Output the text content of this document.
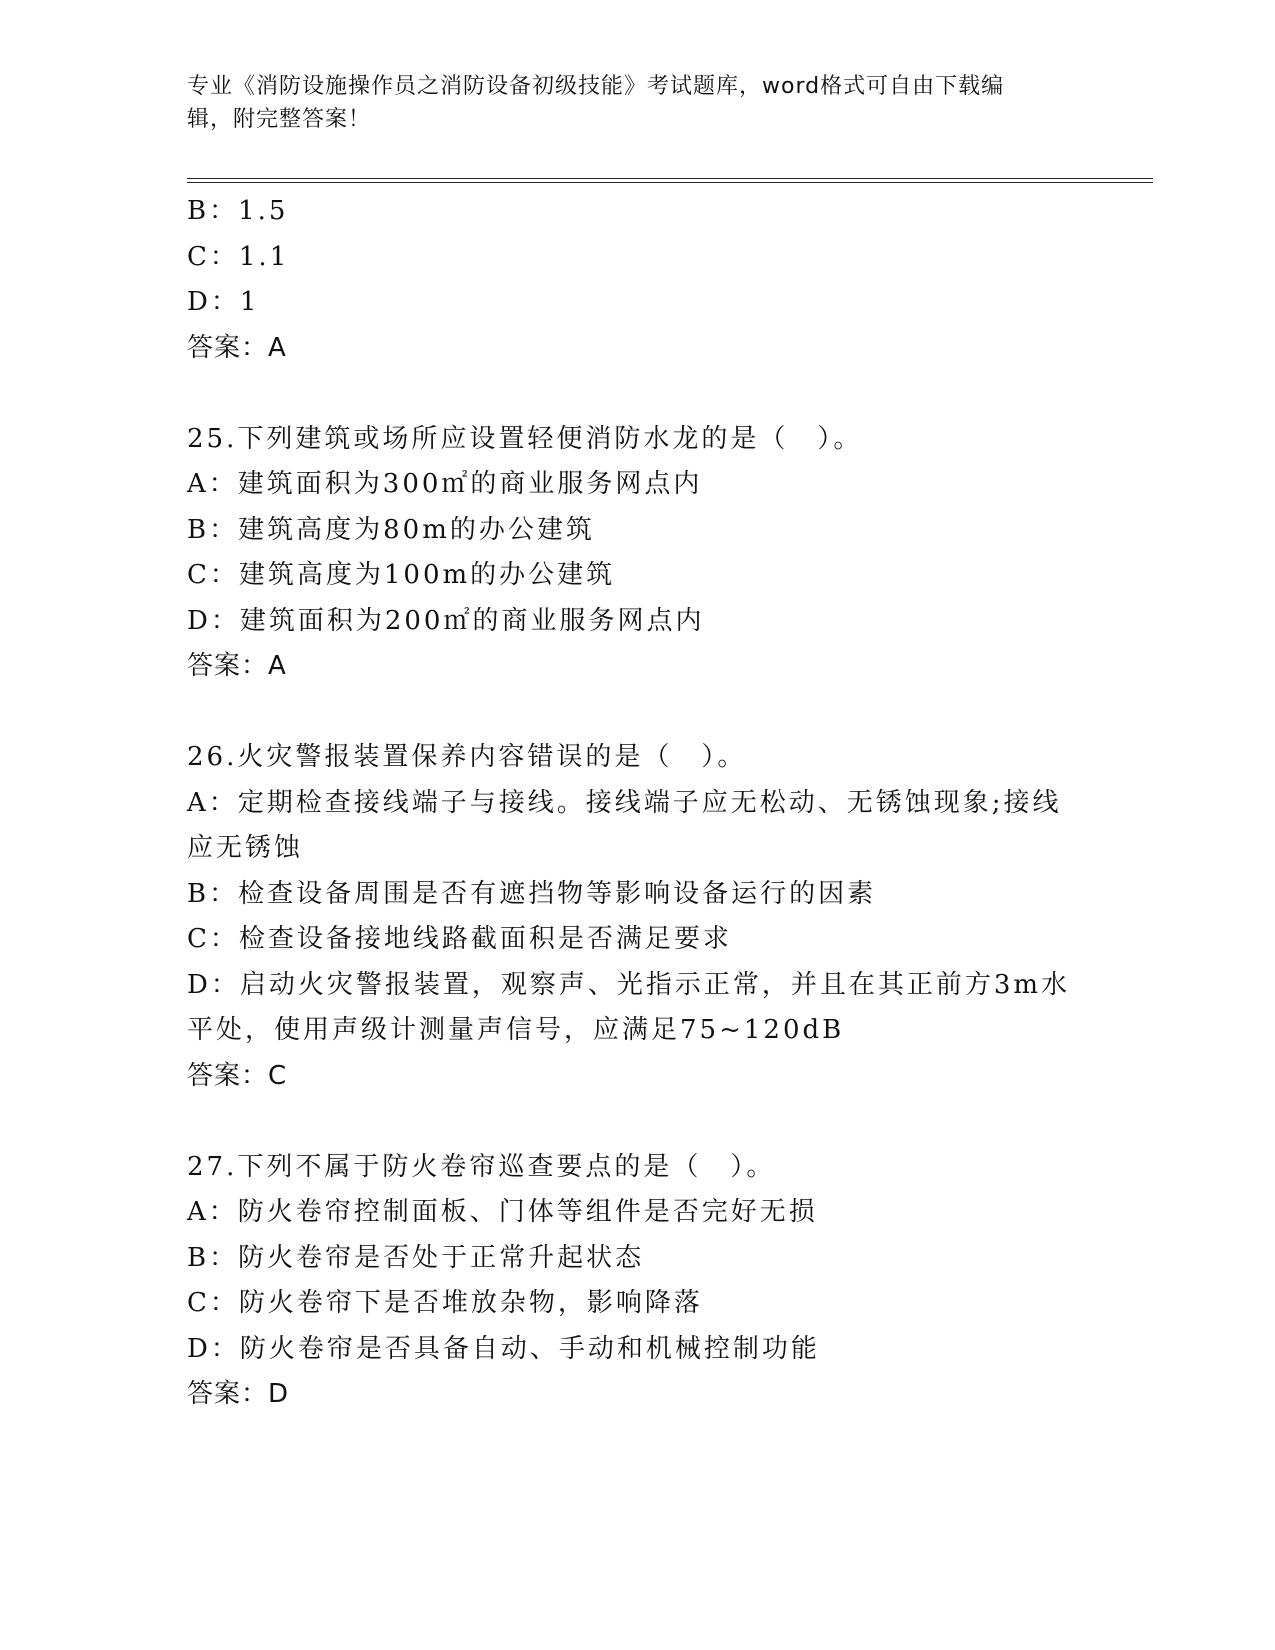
专业《消防设施操作员之消防设备初级技能》考试题库，word格式可自由下载编
辑，附完整答案！
B：1.5
C：1.1
D：1
答案：A
25.下列建筑或场所应设置轻便消防水龙的是（　）。
A：建筑面积为300㎡的商业服务网点内
B：建筑高度为80m的办公建筑
C：建筑高度为100m的办公建筑
D：建筑面积为200㎡的商业服务网点内
答案：A
26.火灾警报装置保养内容错误的是（　）。
A：定期检查接线端子与接线。接线端子应无松动、无锈蚀现象;接线
应无锈蚀
B：检查设备周围是否有遮挡物等影响设备运行的因素
C：检查设备接地线路截面积是否满足要求
D：启动火灾警报装置，观察声、光指示正常，并且在其正前方3m水
平处，使用声级计测量声信号，应满足75~120dB
答案：C
27.下列不属于防火卷帘巡查要点的是（　）。
A：防火卷帘控制面板、门体等组件是否完好无损
B：防火卷帘是否处于正常升起状态
C：防火卷帘下是否堆放杂物，影响降落
D：防火卷帘是否具备自动、手动和机械控制功能
答案：D
